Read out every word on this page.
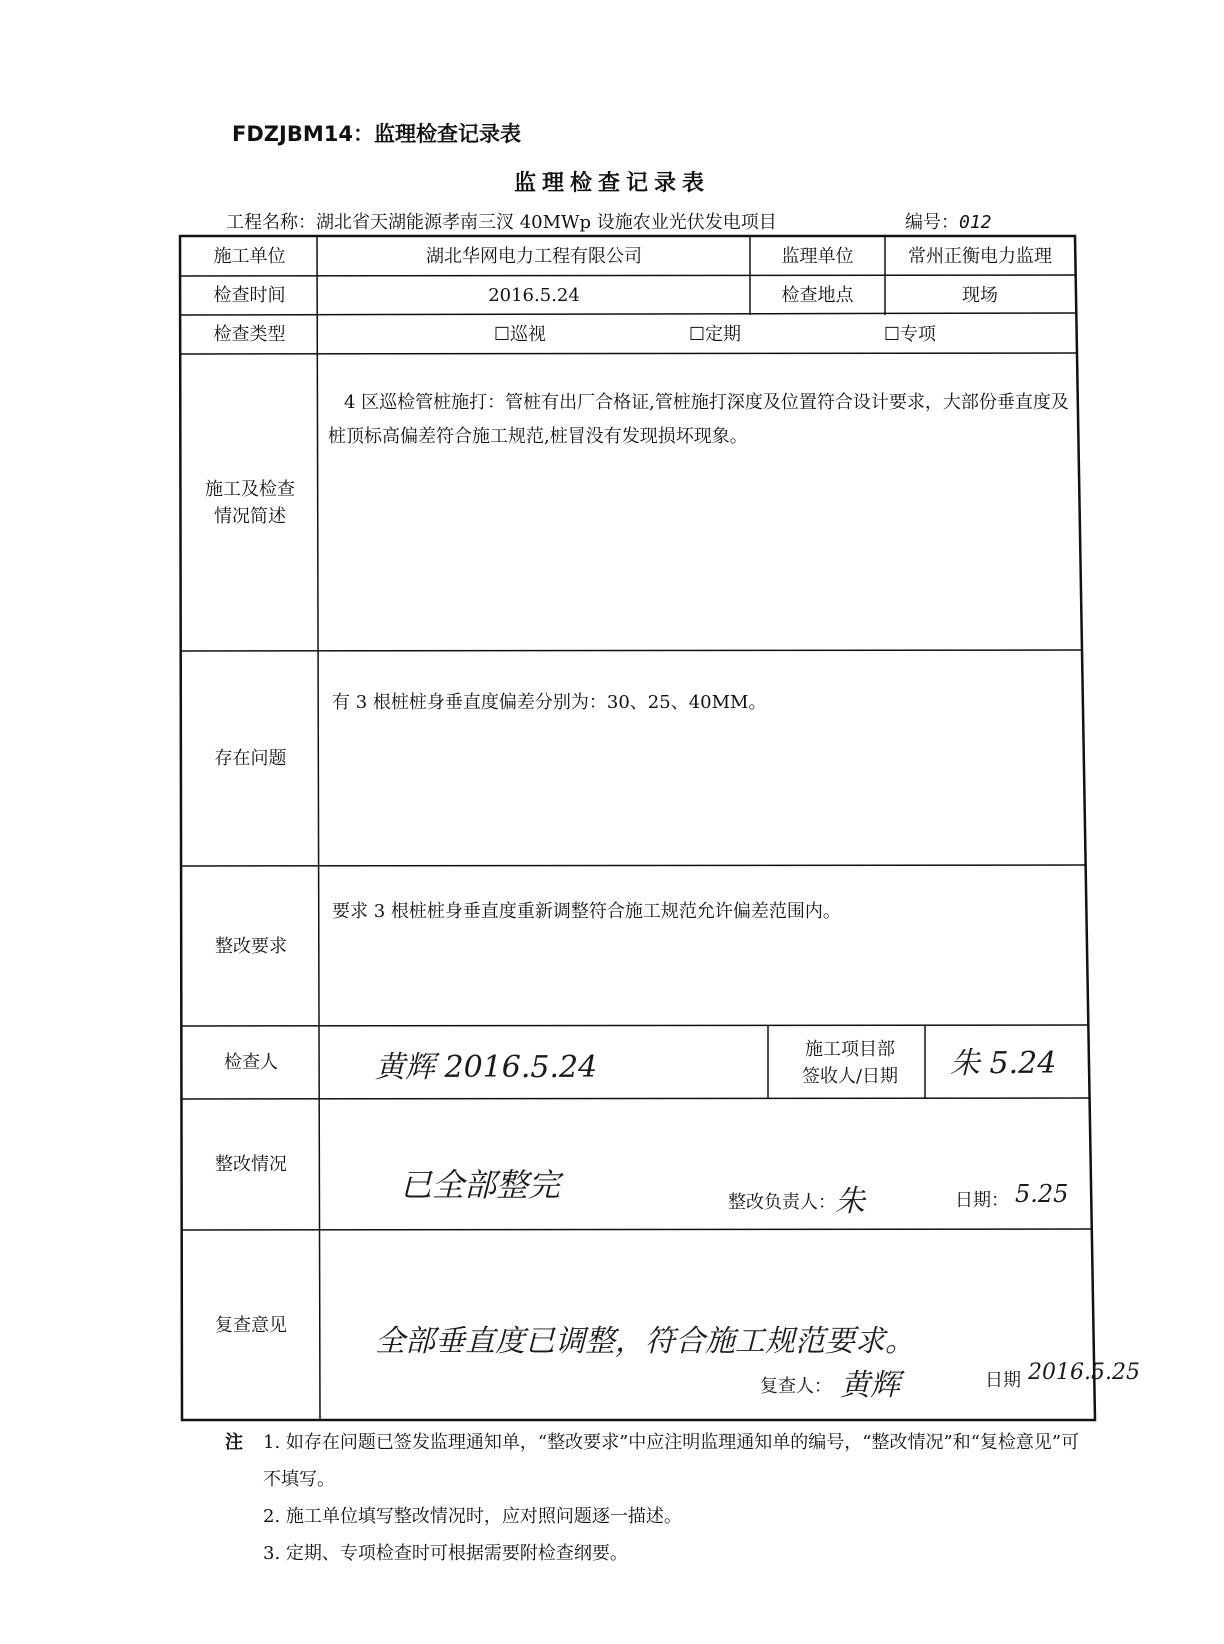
FDZJBM14：监理检查记录表
监理检查记录表
工程名称：湖北省天湖能源孝南三汊 40MWp 设施农业光伏发电项目	编号：012
施工单位	湖北华网电力工程有限公司	监理单位	常州正衡电力监理
检查时间	2016.5.24	检查地点	现场
检查类型	☐巡视	☐定期	☐专项
施工及检查情况简述
4 区巡检管桩施打：管桩有出厂合格证,管桩施打深度及位置符合设计要求，大部份垂直度及桩顶标高偏差符合施工规范,桩冒没有发现损坏现象。
存在问题
有 3 根桩桩身垂直度偏差分别为：30、25、40MM。
整改要求
要求 3 根桩桩身垂直度重新调整符合施工规范允许偏差范围内。
检查人	黄辉 2016.5.24
施工项目部签收人/日期	朱 5.24
整改情况
已全部整完	整改负责人： 朱	日期： 5.25
复查意见	全部垂直度已调整，符合施工规范要求。
复查人： 黄辉	日期 2016.5.25
注	1. 如存在问题已签发监理通知单，“整改要求”中应注明监理通知单的编号，“整改情况”和“复检意见”可不填写。
2. 施工单位填写整改情况时，应对照问题逐一描述。
3. 定期、专项检查时可根据需要附检查纲要。
